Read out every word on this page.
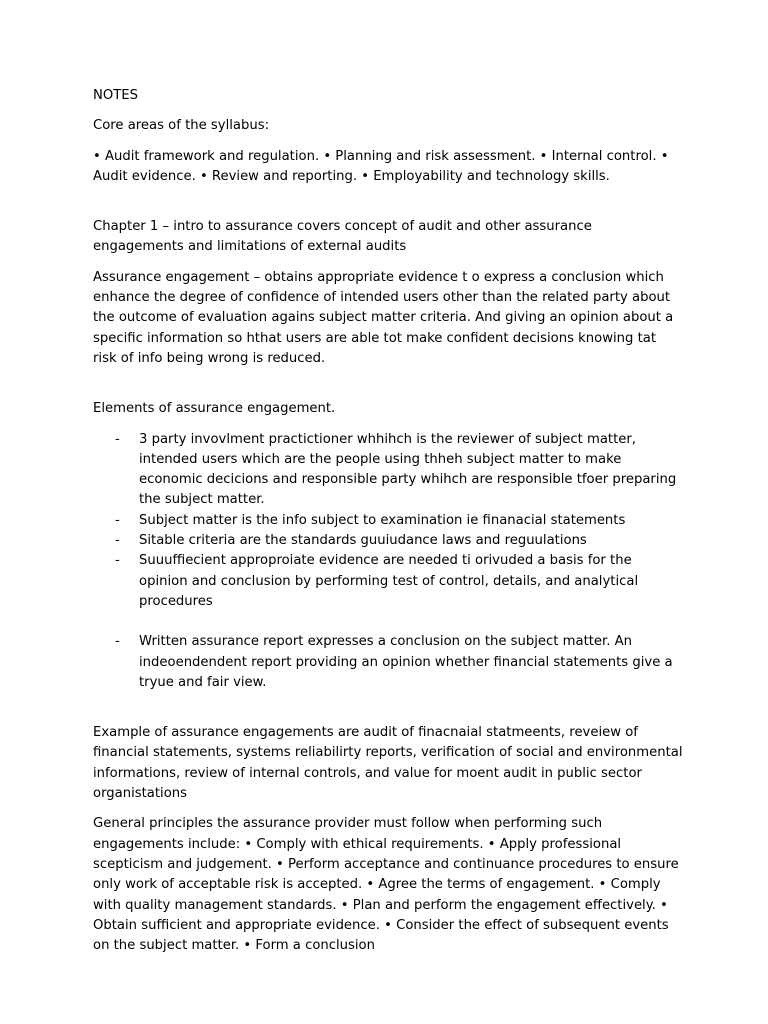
NOTES

Core areas of the syllabus:

• Audit framework and regulation. • Planning and risk assessment. • Internal control. • Audit evidence. • Review and reporting. • Employability and technology skills.

Chapter 1 – intro to assurance covers concept of audit and other assurance engagements and limitations of external audits

Assurance engagement – obtains appropriate evidence t o express a conclusion which enhance the degree of confidence of intended users other than the related party about the outcome of evaluation agains subject matter criteria. And giving an opinion about a specific information so hthat users are able tot make confident decisions knowing tat risk of info being wrong is reduced.

Elements of assurance engagement.

- 3 party invovlment practictioner whhihch is the reviewer of subject matter, intended users which are the people using thheh subject matter to make economic decicions and responsible party whihch are responsible tfoer preparing the subject matter.
- Subject matter is the info subject to examination ie finanacial statements
- Sitable criteria are the standards guuiudance laws and reguulations
- Suuuffiecient approproiate evidence are needed ti orivuded a basis for the opinion and conclusion by performing test of control, details, and analytical procedures
- Written assurance report expresses a conclusion on the subject matter. An indeoendendent report providing an opinion whether financial statements give a tryue and fair view.

Example of assurance engagements are audit of finacnaial statmeents, reveiew of financial statements, systems reliabilirty reports, verification of social and environmental informations, review of internal controls, and value for moent audit in public sector organistations

General principles the assurance provider must follow when performing such engagements include: • Comply with ethical requirements. • Apply professional scepticism and judgement. • Perform acceptance and continuance procedures to ensure only work of acceptable risk is accepted. • Agree the terms of engagement. • Comply with quality management standards. • Plan and perform the engagement effectively. • Obtain sufficient and appropriate evidence. • Consider the effect of subsequent events on the subject matter. • Form a conclusion
